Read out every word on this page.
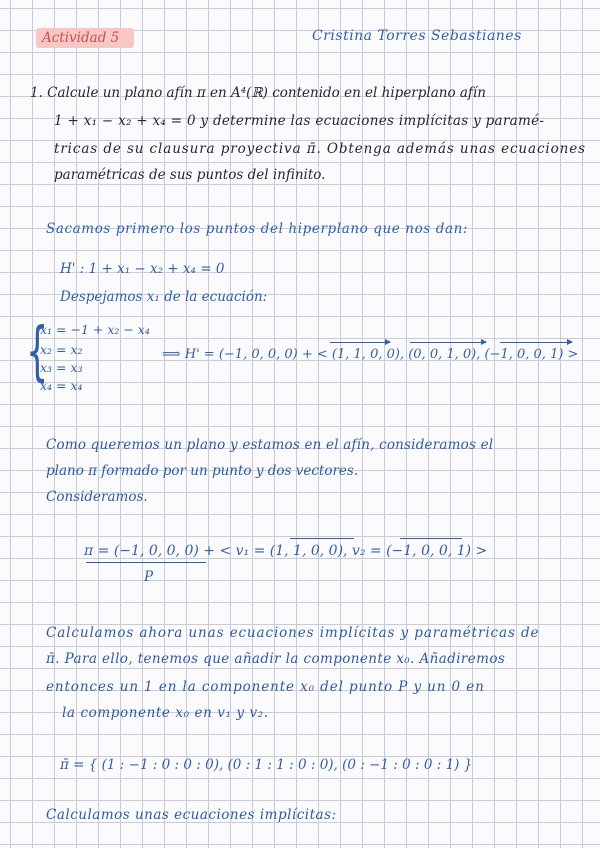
Actividad 5	Cristina Torres Sebastianes
1. Calcule un plano afín π en A⁴(ℝ) contenido en el hiperplano afín
1 + x₁ − x₂ + x₄ = 0 y determine las ecuaciones implícitas y paramé-
tricas de su clausura proyectiva π̄. Obtenga además unas ecuaciones
paramétricas de sus puntos del infinito.
Sacamos primero los puntos del hiperplano que nos dan:
H' : 1 + x₁ − x₂ + x₄ = 0
Despejamos x₁ de la ecuación:
{
x₁ = −1 + x₂ − x₄
x₂ = x₂
x₃ = x₃
x₄ = x₄
⟹ H' = (−1, 0, 0, 0) + < (1, 1, 0, 0), (0, 0, 1, 0), (−1, 0, 0, 1) >
Como queremos un plano y estamos en el afín, consideramos el
plano π formado por un punto y dos vectores.
Consideramos.
π = (−1, 0, 0, 0) + < v₁ = (1, 1, 0, 0), v₂ = (−1, 0, 0, 1) >
P
Calculamos ahora unas ecuaciones implícitas y paramétricas de
π̄. Para ello, tenemos que añadir la componente x₀. Añadiremos
entonces un 1 en la componente x₀ del punto P y un 0 en
la componente x₀ en v₁ y v₂.
π̄ = { (1 : −1 : 0 : 0 : 0), (0 : 1 : 1 : 0 : 0), (0 : −1 : 0 : 0 : 1) }
Calculamos unas ecuaciones implícitas:
